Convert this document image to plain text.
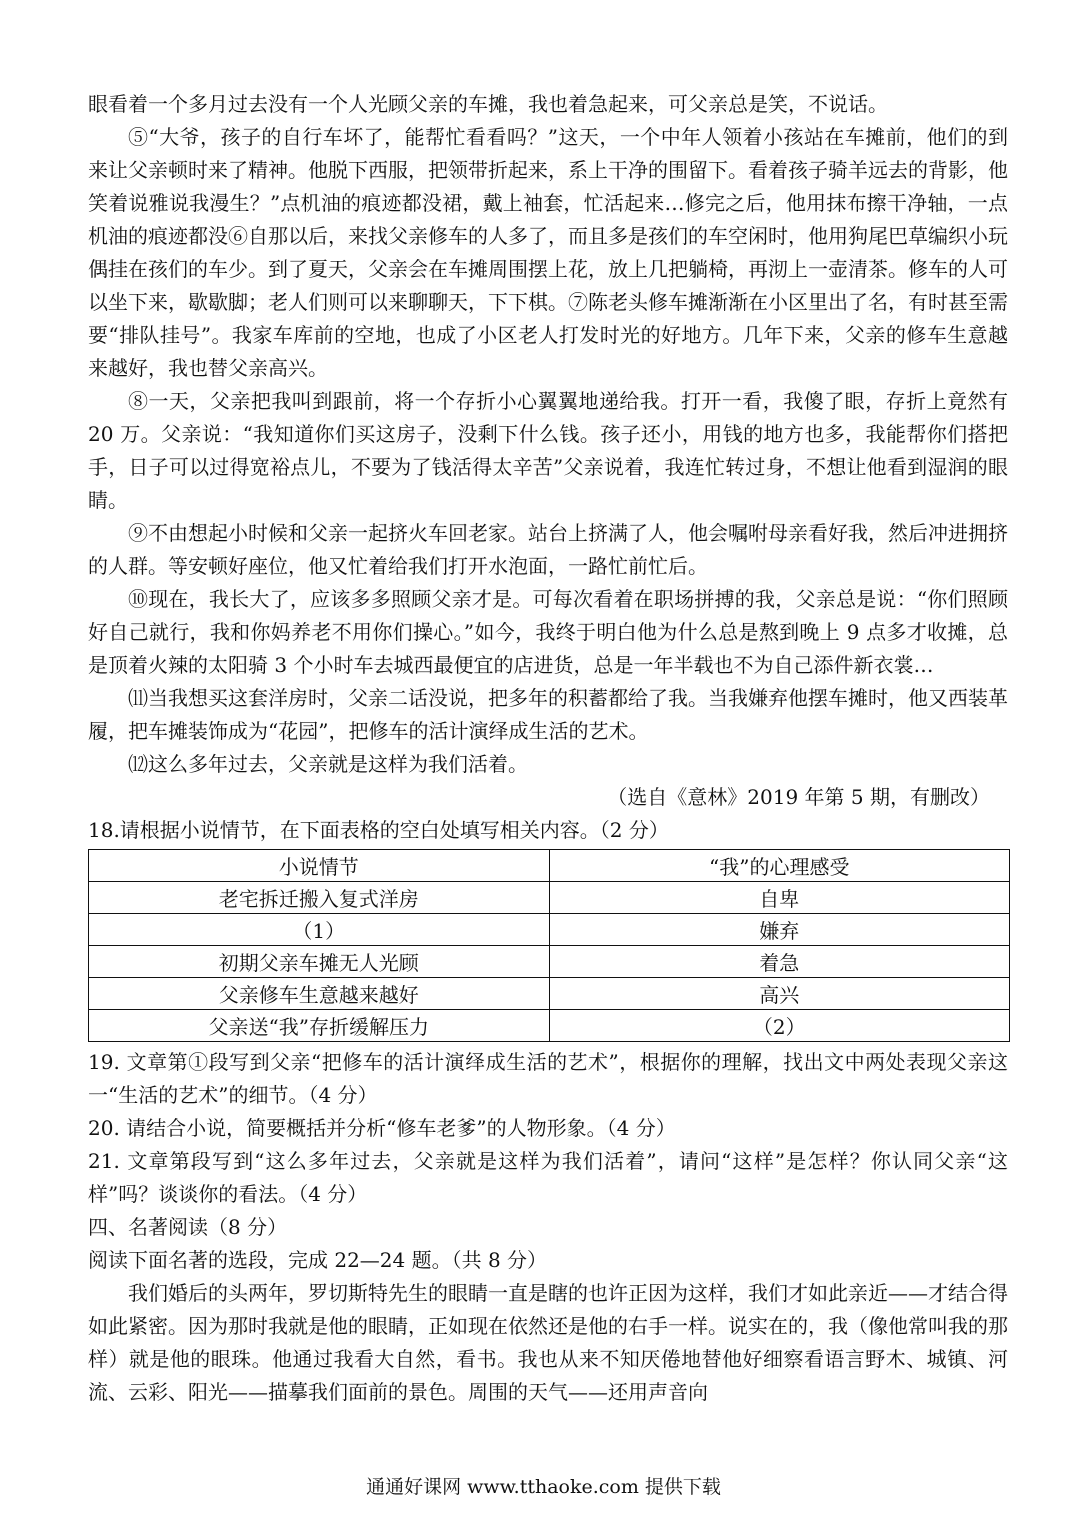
眼看着一个多月过去没有一个人光顾父亲的车摊，我也着急起来，可父亲总是笑，不说话。

⑤“大爷，孩子的自行车坏了，能帮忙看看吗？”这天，一个中年人领着小孩站在车摊前，他们的到来让父亲顿时来了精神。他脱下西服，把领带折起来，系上干净的围留下。看着孩子骑羊远去的背影，他笑着说雅说我漫生？”点机油的痕迹都没裙，戴上袖套，忙活起来…修完之后，他用抹布擦干净轴，一点机油的痕迹都没⑥自那以后，来找父亲修车的人多了，而且多是孩们的车空闲时，他用狗尾巴草编织小玩偶挂在孩们的车少。到了夏天，父亲会在车摊周围摆上花，放上几把躺椅，再沏上一壶清茶。修车的人可以坐下来，歇歇脚；老人们则可以来聊聊天，下下棋。⑦陈老头修车摊渐渐在小区里出了名，有时甚至需要“排队挂号”。我家车库前的空地，也成了小区老人打发时光的好地方。几年下来，父亲的修车生意越来越好，我也替父亲高兴。

⑧一天，父亲把我叫到跟前，将一个存折小心翼翼地递给我。打开一看，我傻了眼，存折上竟然有 20 万。父亲说：“我知道你们买这房子，没剩下什么钱。孩子还小，用钱的地方也多，我能帮你们搭把手，日子可以过得宽裕点儿，不要为了钱活得太辛苦”父亲说着，我连忙转过身，不想让他看到湿润的眼睛。

⑨不由想起小时候和父亲一起挤火车回老家。站台上挤满了人，他会嘱咐母亲看好我，然后冲进拥挤的人群。等安顿好座位，他又忙着给我们打开水泡面，一路忙前忙后。

⑩现在，我长大了，应该多多照顾父亲才是。可每次看着在职场拼搏的我，父亲总是说：“你们照顾好自己就行，我和你妈养老不用你们操心。”如今，我终于明白他为什么总是熬到晚上 9 点多才收摊，总是顶着火辣的太阳骑 3 个小时车去城西最便宜的店进货，总是一年半载也不为自己添件新衣裳…

⑾当我想买这套洋房时，父亲二话没说，把多年的积蓄都给了我。当我嫌弃他摆车摊时，他又西装革履，把车摊装饰成为“花园”，把修车的活计演绎成生活的艺术。

⑿这么多年过去，父亲就是这样为我们活着。

（选自《意林》2019 年第 5 期，有删改）

18.请根据小说情节，在下面表格的空白处填写相关内容。（2 分）

小说情节	“我”的心理感受
老宅拆迁搬入复式洋房	自卑
（1）	嫌弃
初期父亲车摊无人光顾	着急
父亲修车生意越来越好	高兴
父亲送“我”存折缓解压力	（2）

19. 文章第①段写到父亲“把修车的活计演绎成生活的艺术”，根据你的理解，找出文中两处表现父亲这一“生活的艺术”的细节。（4 分）

20. 请结合小说，简要概括并分析“修车老爹”的人物形象。（4 分）

21. 文章第段写到“这么多年过去，父亲就是这样为我们活着”，请问“这样”是怎样？你认同父亲“这样”吗？谈谈你的看法。（4 分）

四、名著阅读（8 分）

阅读下面名著的选段，完成 22—24 题。（共 8 分）

我们婚后的头两年，罗切斯特先生的眼睛一直是瞎的也许正因为这样，我们才如此亲近——才结合得如此紧密。因为那时我就是他的眼睛，正如现在依然还是他的右手一样。说实在的，我（像他常叫我的那样）就是他的眼珠。他通过我看大自然，看书。我也从来不知厌倦地替他好细察看语言野木、城镇、河流、云彩、阳光——描摹我们面前的景色。周围的天气——还用声音向

通通好课网 www.tthaoke.com 提供下载
